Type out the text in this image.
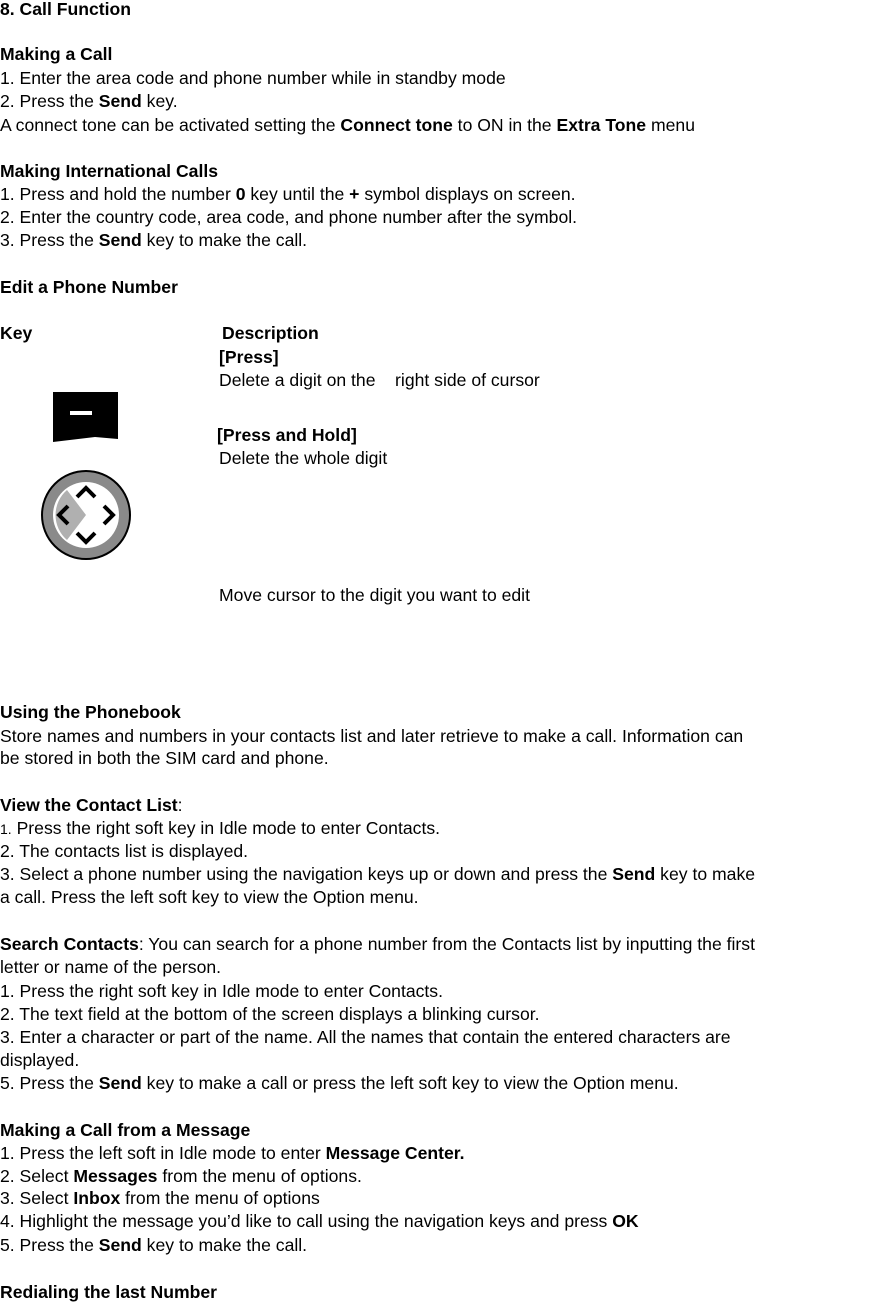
8. Call Function
Making a Call
1. Enter the area code and phone number while in standby mode
2. Press the Send key.
A connect tone can be activated setting the Connect tone to ON in the Extra Tone menu
Making International Calls
1. Press and hold the number 0 key until the + symbol displays on screen.
2. Enter the country code, area code, and phone number after the symbol.
3. Press the Send key to make the call.
Edit a Phone Number
Key	Description
[Press]
Delete a digit on the    right side of cursor
[Press and Hold]
Delete the whole digit
Move cursor to the digit you want to edit
Using the Phonebook
Store names and numbers in your contacts list and later retrieve to make a call. Information can
be stored in both the SIM card and phone.
View the Contact List:
1. Press the right soft key in Idle mode to enter Contacts.
2. The contacts list is displayed.
3. Select a phone number using the navigation keys up or down and press the Send key to make
a call. Press the left soft key to view the Option menu.
Search Contacts: You can search for a phone number from the Contacts list by inputting the first
letter or name of the person.
1. Press the right soft key in Idle mode to enter Contacts.
2. The text field at the bottom of the screen displays a blinking cursor.
3. Enter a character or part of the name. All the names that contain the entered characters are
displayed.
5. Press the Send key to make a call or press the left soft key to view the Option menu.
Making a Call from a Message
1. Press the left soft in Idle mode to enter Message Center.
2. Select Messages from the menu of options.
3. Select Inbox from the menu of options
4. Highlight the message you’d like to call using the navigation keys and press OK
5. Press the Send key to make the call.
Redialing the last Number
